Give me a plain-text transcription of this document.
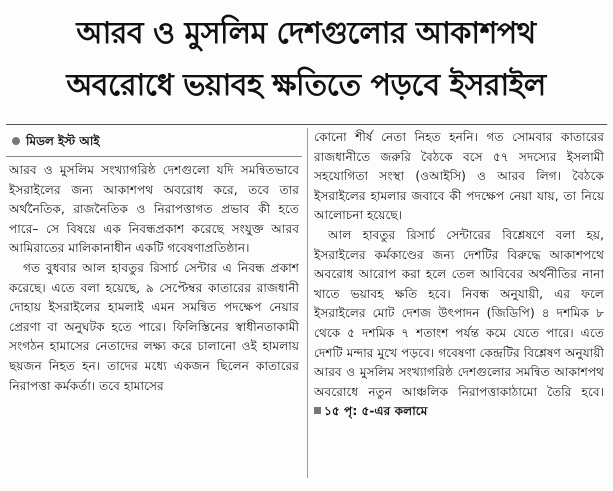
আরব ও মুসলিম দেশগুলোর আকাশপথ
অবরোধে ভয়াবহ ক্ষতিতে পড়বে ইসরাইল
মিডল ইস্ট আই

আরব ও মুসলিম সংখ্যাগরিষ্ঠ দেশগুলো যদি সমন্বিতভাবে ইসরাইলের জন্য আকাশপথ অবরোধ করে, তবে তার অর্থনৈতিক, রাজনৈতিক ও নিরাপত্তাগত প্রভাব কী হতে পারে– সে বিষয়ে এক নিবন্ধপ্রকাশ করেছে সংযুক্ত আরব আমিরাতের মালিকানাধীন একটি গবেষণাপ্রতিষ্ঠান।

গত বুধবার আল হাবতুর রিসার্চ সেন্টার এ নিবন্ধ প্রকাশ করেছে। এতে বলা হয়েছে, ৯ সেপ্টেম্বর কাতারের রাজধানী দোহায় ইসরাইলের হামলাই এমন সমন্বিত পদক্ষেপ নেয়ার প্রেরণা বা অনুঘটক হতে পারে। ফিলিস্তিনের স্বাধীনতাকামী সংগঠন হামাসের নেতাদের লক্ষ্য করে চালানো ওই হামলায় ছয়জন নিহত হন। তাদের মধ্যে একজন ছিলেন কাতারের নিরাপত্তা কর্মকর্তা। তবে হামাসের

কোনো শীর্ষ নেতা নিহত হননি। গত সোমবার কাতারের রাজধানীতে জরুরি বৈঠকে বসে ৫৭ সদস্যের ইসলামী সহযোগিতা সংস্থা (ওআইসি) ও আরব লিগ। বৈঠকে ইসরাইলের হামলার জবাবে কী পদক্ষেপ নেয়া যায়, তা নিয়ে আলোচনা হয়েছে।

আল হাবতুর রিসার্চ সেন্টারের বিশ্লেষণে বলা হয়, ইসরাইলের কর্মকাণ্ডের জন্য দেশটির বিরুদ্ধে আকাশপথে অবরোধ আরোপ করা হলে তেল আবিবের অর্থনীতির নানা খাতে ভয়াবহ ক্ষতি হবে। নিবন্ধ অনুযায়ী, এর ফলে ইসরাইলের মোট দেশজ উৎপাদন (জিডিপি) ৪ দশমিক ৮ থেকে ৫ দশমিক ৭ শতাংশ পর্যন্ত কমে যেতে পারে। এতে দেশটি মন্দার মুখে পড়বে। গবেষণা কেন্দ্রটির বিশ্লেষণ অনুযায়ী আরব ও মুসলিম সংখ্যাগরিষ্ঠ দেশগুলোর সমন্বিত আকাশপথ অবরোধে নতুন আঞ্চলিক নিরাপত্তাকাঠামো তৈরি হবে। ১৫ পৃ: ৫-এর কলামে
